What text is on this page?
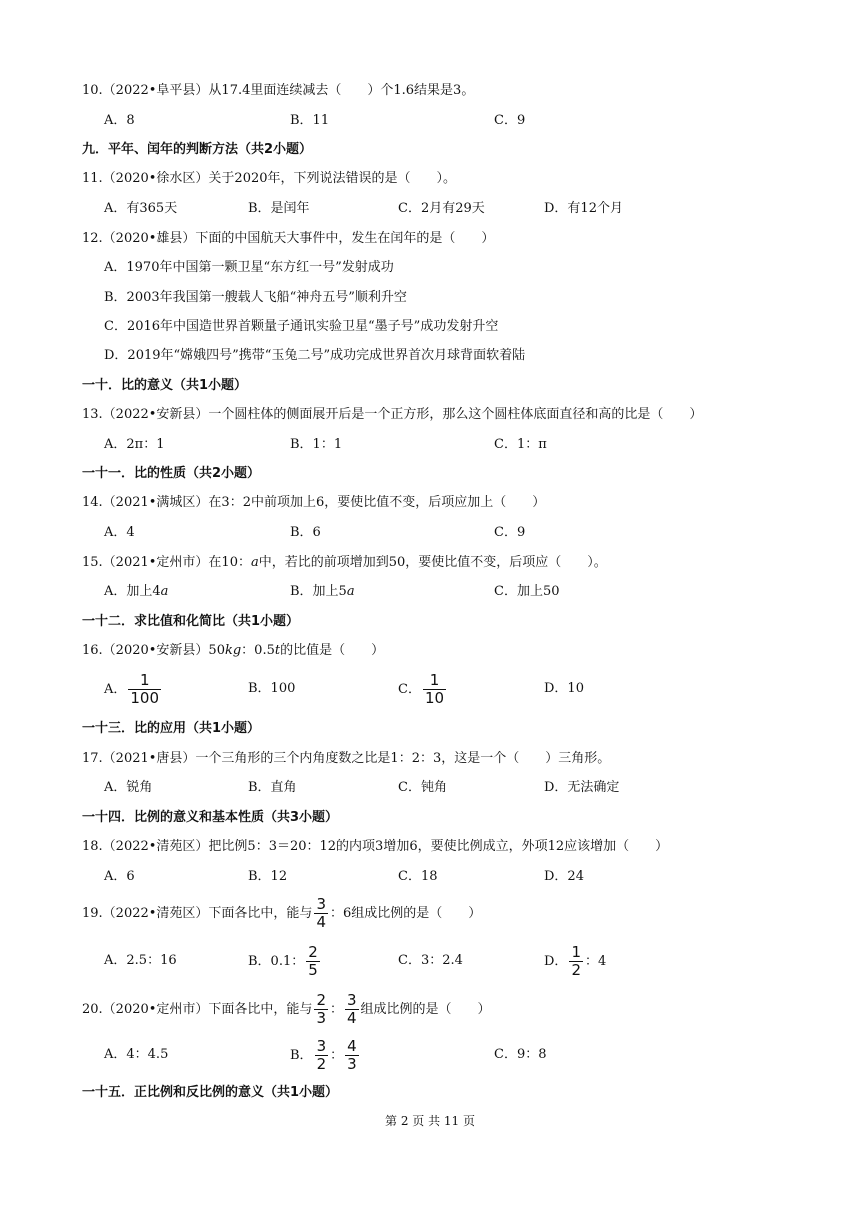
10.（2022•阜平县）从17.4里面连续减去（　　）个1.6结果是3。
A．8	B．11	C．9
九．平年、闰年的判断方法（共2小题）
11.（2020•徐水区）关于2020年，下列说法错误的是（　　）。
A．有365天	B．是闰年	C．2月有29天	D．有12个月
12.（2020•雄县）下面的中国航天大事件中，发生在闰年的是（　　）
A．1970年中国第一颗卫星“东方红一号”发射成功
B．2003年我国第一艘载人飞船“神舟五号”顺利升空
C．2016年中国造世界首颗量子通讯实验卫星“墨子号”成功发射升空
D．2019年“嫦娥四号”携带“玉兔二号”成功完成世界首次月球背面软着陆
一十．比的意义（共1小题）
13.（2022•安新县）一个圆柱体的侧面展开后是一个正方形，那么这个圆柱体底面直径和高的比是（　　）
A．2π：1	B．1：1	C．1：π
一十一．比的性质（共2小题）
14.（2021•满城区）在3：2中前项加上6，要使比值不变，后项应加上（　　）
A．4	B．6	C．9
15.（2021•定州市）在10：a中，若比的前项增加到50，要使比值不变，后项应（　　）。
A．加上4a	B．加上5a	C．加上50
一十二．求比值和化简比（共1小题）
16.（2020•安新县）50kg：0.5t的比值是（　　）
A． $\frac{1}{100}$	B．100	C． $\frac{1}{10}$	D．10
一十三．比的应用（共1小题）
17.（2021•唐县）一个三角形的三个内角度数之比是1：2：3，这是一个（　　）三角形。
A．锐角	B．直角	C．钝角	D．无法确定
一十四．比例的意义和基本性质（共3小题）
18.（2022•清苑区）把比例5：3＝20：12的内项3增加6，要使比例成立，外项12应该增加（　　）
A．6	B．12	C．18	D．24
19.（2022•清苑区）下面各比中，能与 $\frac{3}{4}$ ：6组成比例的是（　　）
A．2.5：16	B．0.1： $\frac{2}{5}$	C．3：2.4	D． $\frac{1}{2}$ ：4
20.（2020•定州市）下面各比中，能与 $\frac{2}{3}$ ： $\frac{3}{4}$ 组成比例的是（　　）
A．4：4.5	B． $\frac{3}{2}$ ： $\frac{4}{3}$	C．9：8
一十五．正比例和反比例的意义（共1小题）
第 2 页 共 11 页
